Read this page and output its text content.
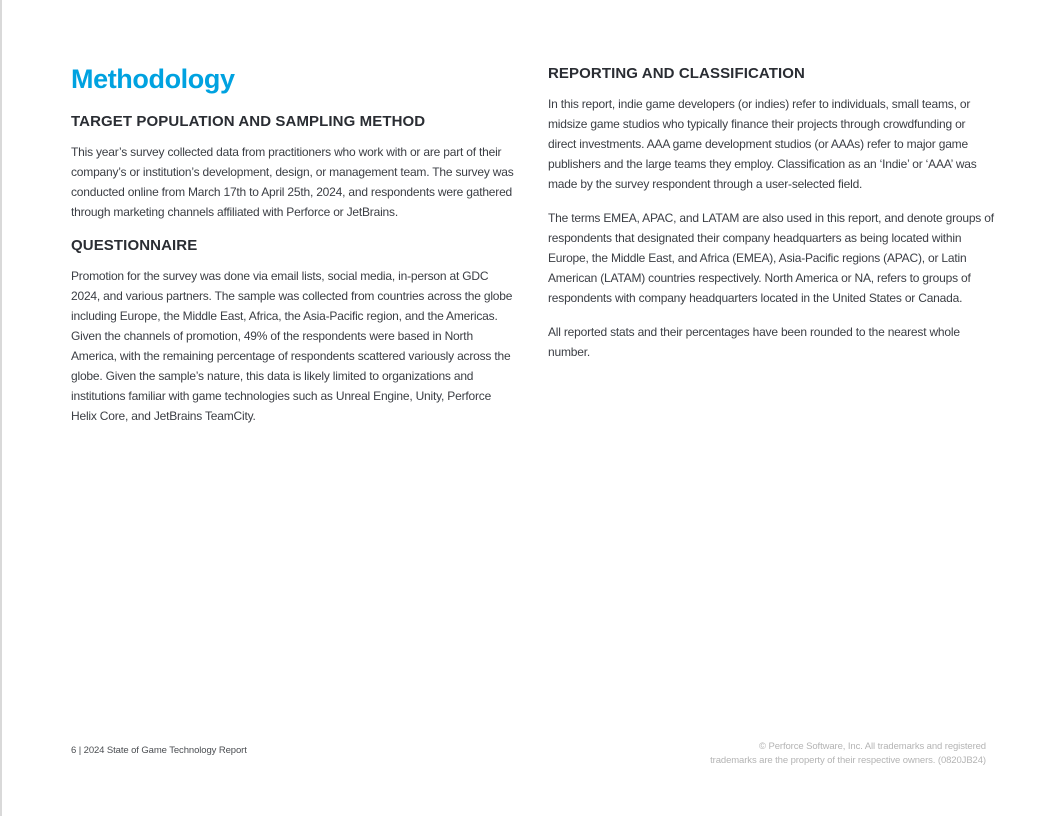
Methodology
TARGET POPULATION AND SAMPLING METHOD

This year’s survey collected data from practitioners who work with or are part of their company’s or institution’s development, design, or management team. The survey was conducted online from March 17th to April 25th, 2024, and respondents were gathered through marketing channels affiliated with Perforce or JetBrains.

QUESTIONNAIRE

Promotion for the survey was done via email lists, social media, in-person at GDC 2024, and various partners. The sample was collected from countries across the globe including Europe, the Middle East, Africa, the Asia-Pacific region, and the Americas. Given the channels of promotion, 49% of the respondents were based in North America, with the remaining percentage of respondents scattered variously across the globe. Given the sample’s nature, this data is likely limited to organizations and institutions familiar with game technologies such as Unreal Engine, Unity, Perforce Helix Core, and JetBrains TeamCity.

REPORTING AND CLASSIFICATION

In this report, indie game developers (or indies) refer to individuals, small teams, or midsize game studios who typically finance their projects through crowdfunding or direct investments. AAA game development studios (or AAAs) refer to major game publishers and the large teams they employ. Classification as an ‘Indie’ or ‘AAA’ was made by the survey respondent through a user-selected field.

The terms EMEA, APAC, and LATAM are also used in this report, and denote groups of respondents that designated their company headquarters as being located within Europe, the Middle East, and Africa (EMEA), Asia-Pacific regions (APAC), or Latin American (LATAM) countries respectively. North America or NA, refers to groups of respondents with company headquarters located in the United States or Canada.

All reported stats and their percentages have been rounded to the nearest whole number.

6 | 2024 State of Game Technology Report	© Perforce Software, Inc. All trademarks and registered
trademarks are the property of their respective owners. (0820JB24)
